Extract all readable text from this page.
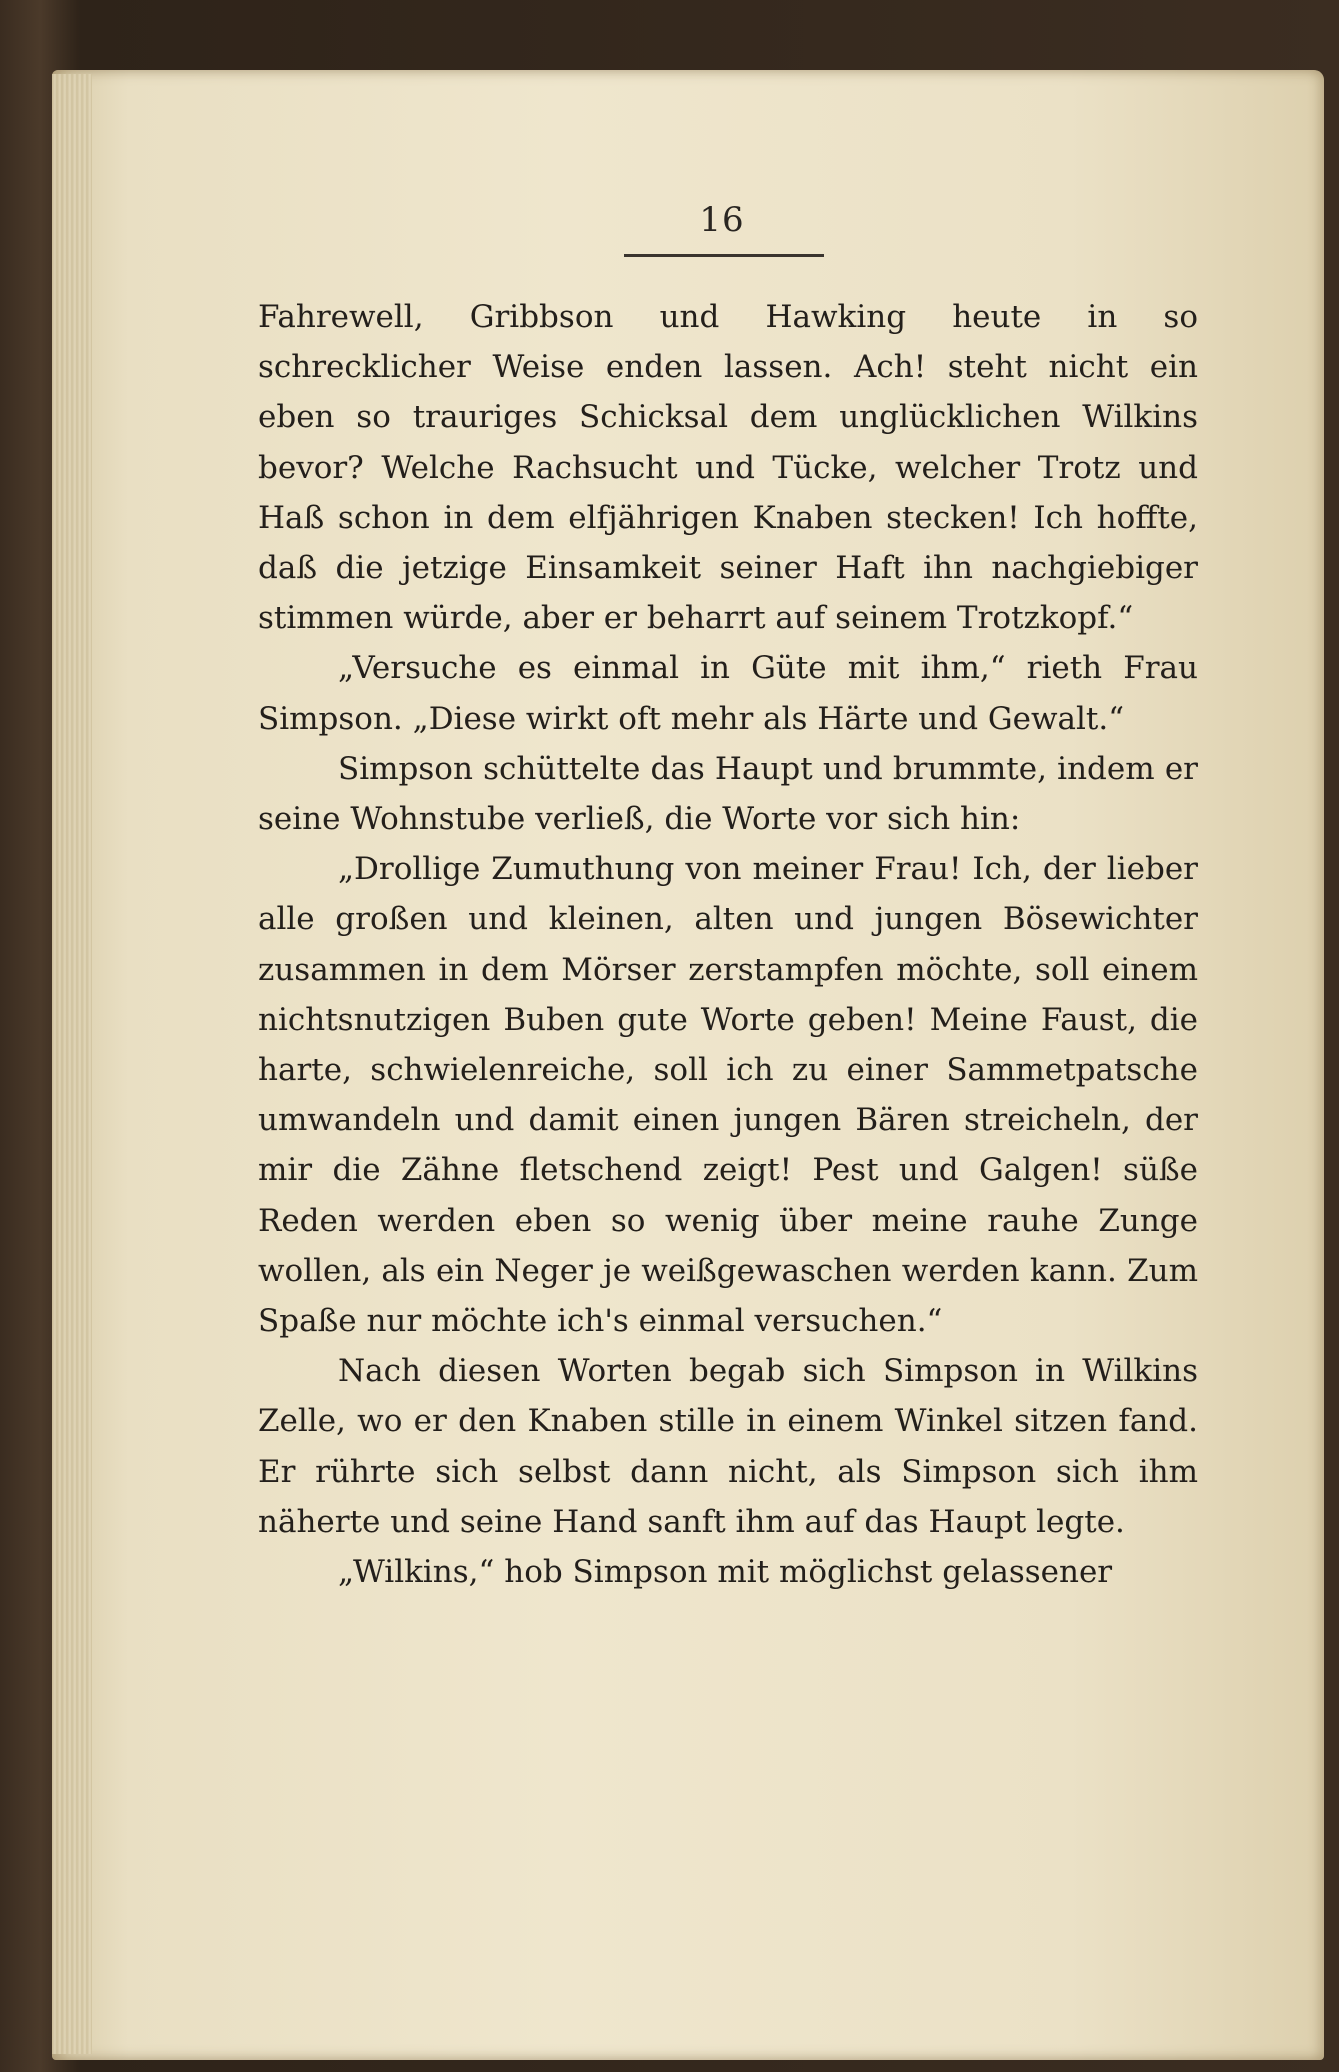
16

Fahrewell, Gribbson und Hawking heute in so schrecklicher Weise enden lassen. Ach! steht nicht ein eben so trauriges Schicksal dem unglücklichen Wilkins bevor? Welche Rachsucht und Tücke, welcher Trotz und Haß schon in dem elfjährigen Knaben stecken! Ich hoffte, daß die jetzige Einsamkeit seiner Haft ihn nachgiebiger stimmen würde, aber er beharrt auf seinem Trotzkopf.“

„Versuche es einmal in Güte mit ihm,“ rieth Frau Simpson. „Diese wirkt oft mehr als Härte und Gewalt.“

Simpson schüttelte das Haupt und brummte, indem er seine Wohnstube verließ, die Worte vor sich hin:

„Drollige Zumuthung von meiner Frau! Ich, der lieber alle großen und kleinen, alten und jungen Bösewichter zusammen in dem Mörser zerstampfen möchte, soll einem nichtsnutzigen Buben gute Worte geben! Meine Faust, die harte, schwielenreiche, soll ich zu einer Sammetpatsche umwandeln und damit einen jungen Bären streicheln, der mir die Zähne fletschend zeigt! Pest und Galgen! süße Reden werden eben so wenig über meine rauhe Zunge wollen, als ein Neger je weißgewaschen werden kann. Zum Spaße nur möchte ich's einmal versuchen.“

Nach diesen Worten begab sich Simpson in Wilkins Zelle, wo er den Knaben stille in einem Winkel sitzen fand. Er rührte sich selbst dann nicht, als Simpson sich ihm näherte und seine Hand sanft ihm auf das Haupt legte.

„Wilkins,“ hob Simpson mit möglichst gelassener
